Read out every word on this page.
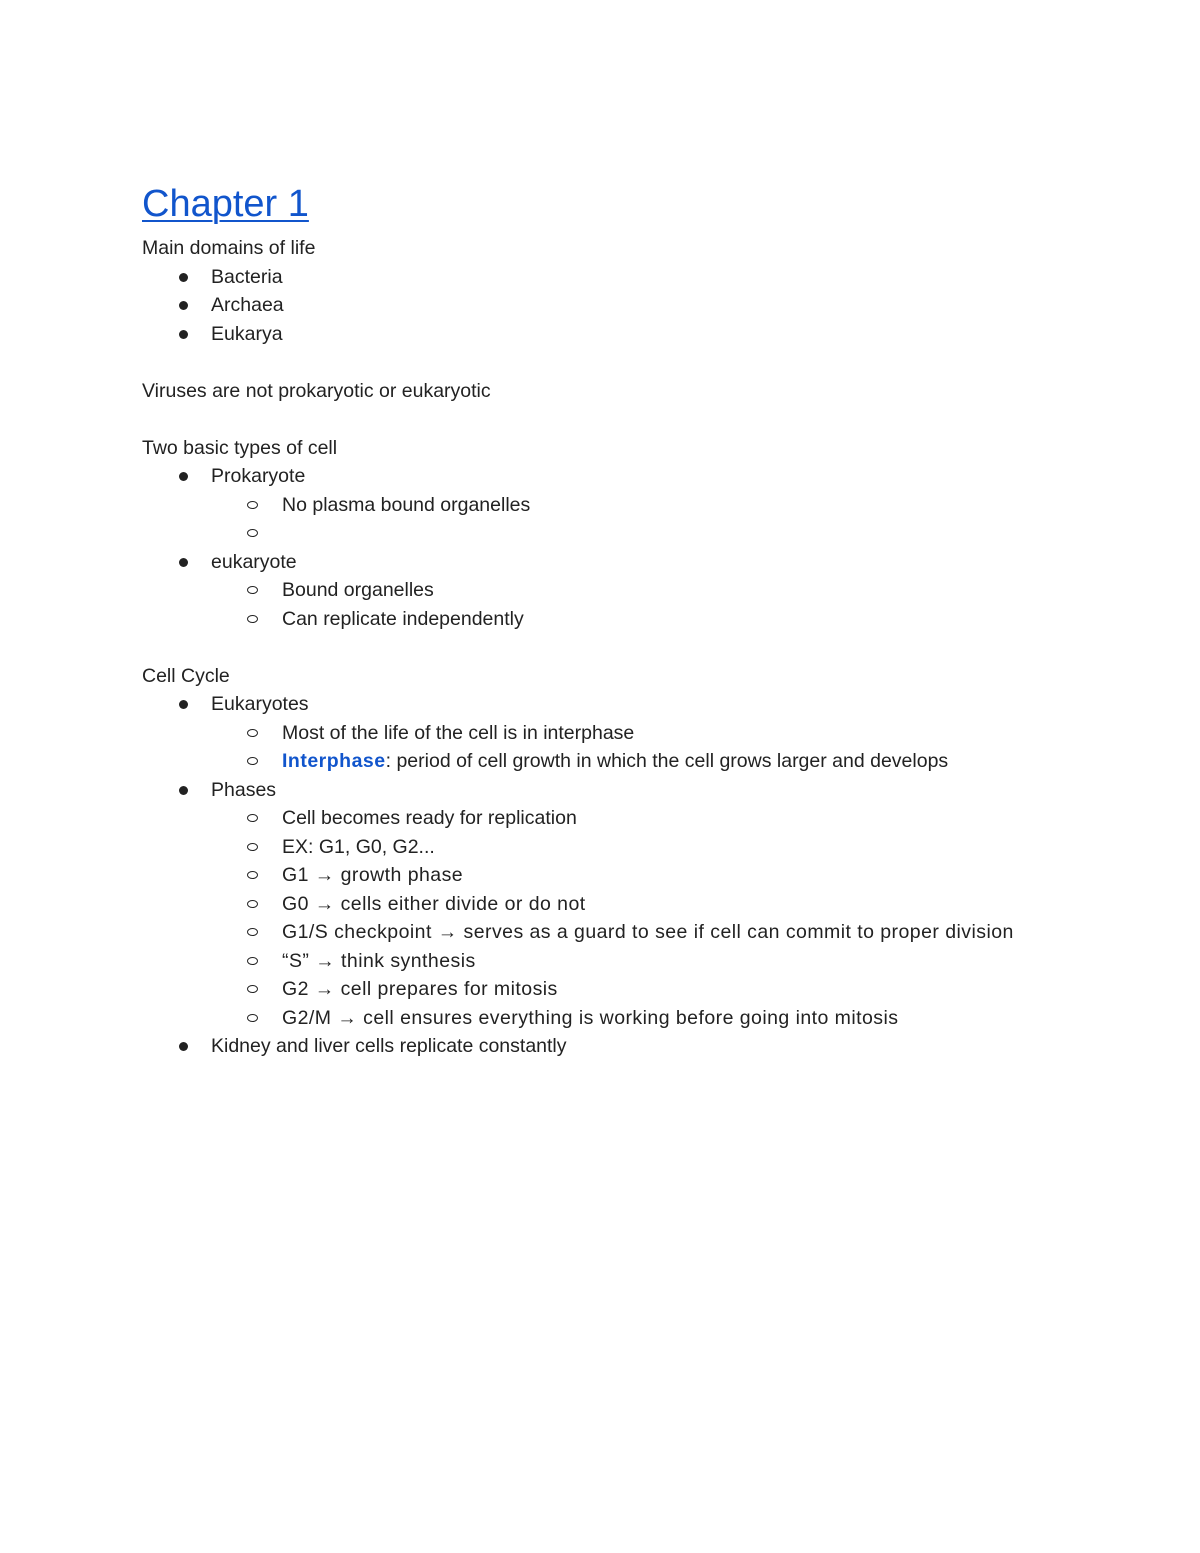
Chapter 1

Main domains of life

Bacteria
Archaea
Eukarya

Viruses are not prokaryotic or eukaryotic

Two basic types of cell

Prokaryote
No plasma bound organelles

eukaryote
Bound organelles
Can replicate independently

Cell Cycle

Eukaryotes
Most of the life of the cell is in interphase
Interphase: period of cell growth in which the cell grows larger and develops
Phases
Cell becomes ready for replication
EX: G1, G0, G2...
G1 → growth phase
G0 → cells either divide or do not
G1/S checkpoint → serves as a guard to see if cell can commit to proper division
“S” → think synthesis
G2 → cell prepares for mitosis
G2/M → cell ensures everything is working before going into mitosis
Kidney and liver cells replicate constantly
